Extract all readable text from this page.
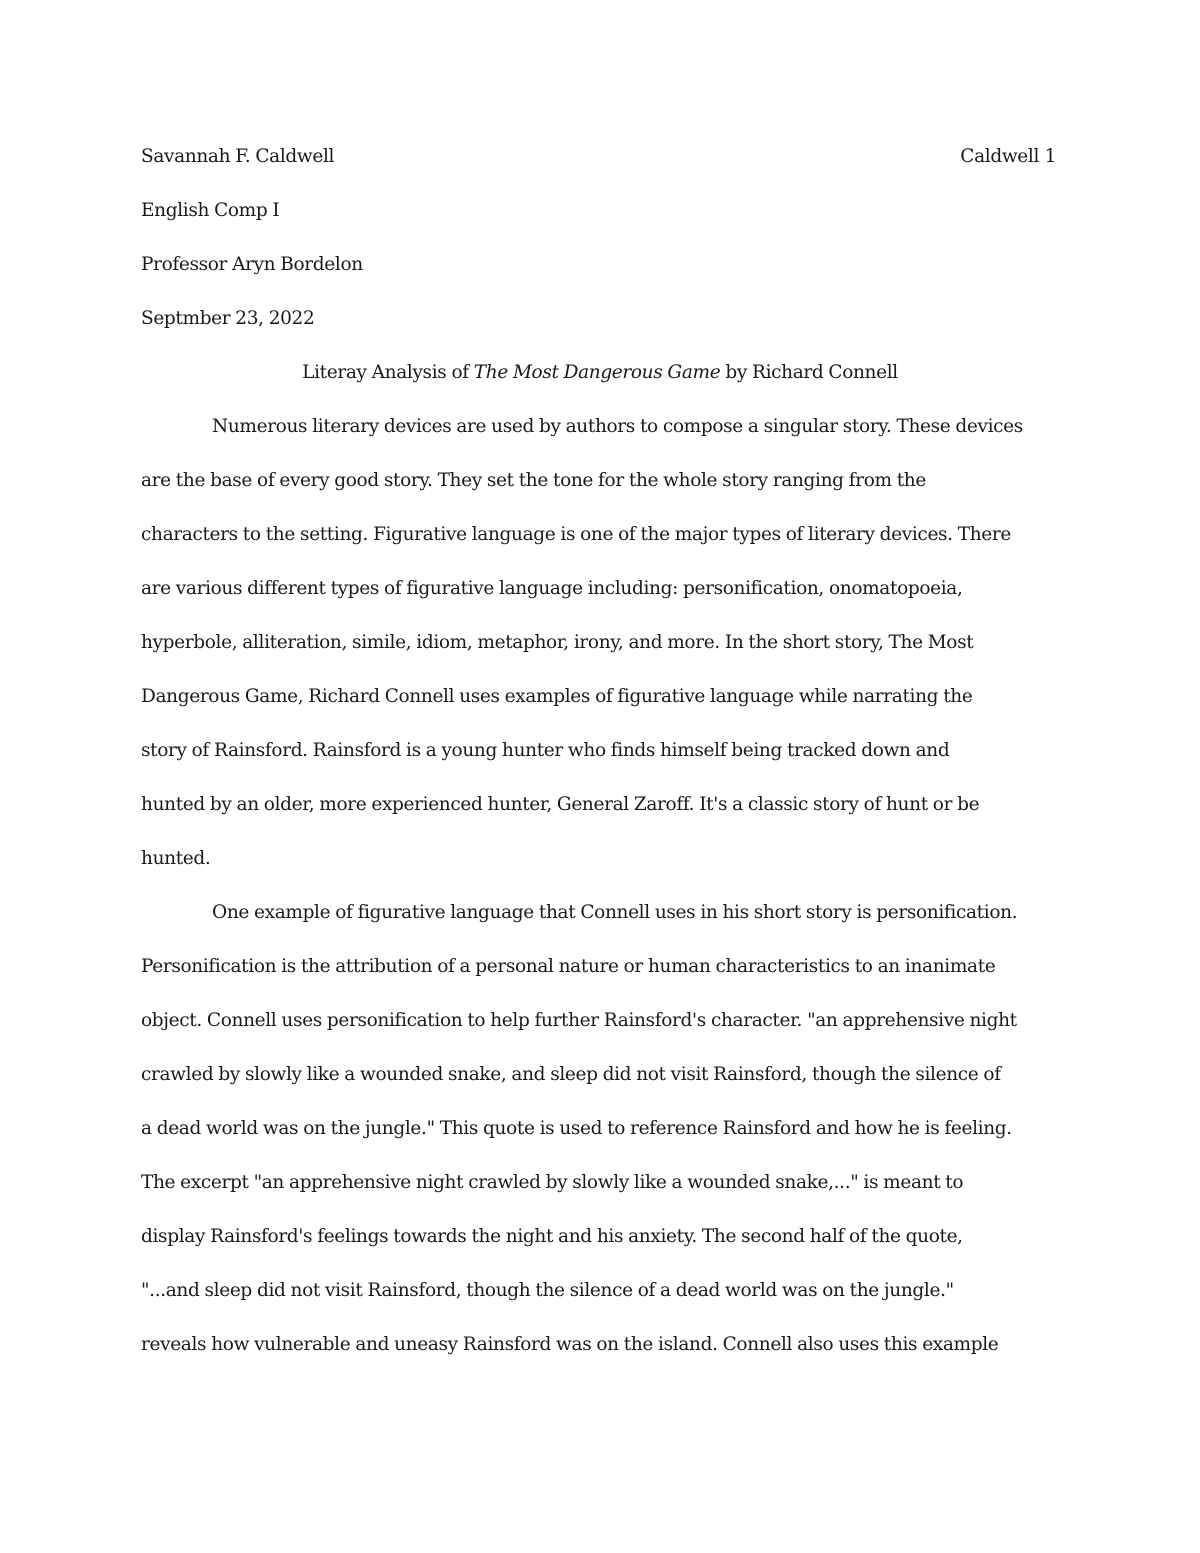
Savannah F. Caldwell	Caldwell 1
English Comp I
Professor Aryn Bordelon
Septmber 23, 2022
Literay Analysis of The Most Dangerous Game by Richard Connell
Numerous literary devices are used by authors to compose a singular story. These devices
are the base of every good story. They set the tone for the whole story ranging from the
characters to the setting. Figurative language is one of the major types of literary devices. There
are various different types of figurative language including: personification, onomatopoeia,
hyperbole, alliteration, simile, idiom, metaphor, irony, and more. In the short story, The Most
Dangerous Game, Richard Connell uses examples of figurative language while narrating the
story of Rainsford. Rainsford is a young hunter who finds himself being tracked down and
hunted by an older, more experienced hunter, General Zaroff. It's a classic story of hunt or be
hunted.
One example of figurative language that Connell uses in his short story is personification.
Personification is the attribution of a personal nature or human characteristics to an inanimate
object. Connell uses personification to help further Rainsford's character. "an apprehensive night
crawled by slowly like a wounded snake, and sleep did not visit Rainsford, though the silence of
a dead world was on the jungle." This quote is used to reference Rainsford and how he is feeling.
The excerpt "an apprehensive night crawled by slowly like a wounded snake,..." is meant to
display Rainsford's feelings towards the night and his anxiety. The second half of the quote,
"...and sleep did not visit Rainsford, though the silence of a dead world was on the jungle."
reveals how vulnerable and uneasy Rainsford was on the island. Connell also uses this example
